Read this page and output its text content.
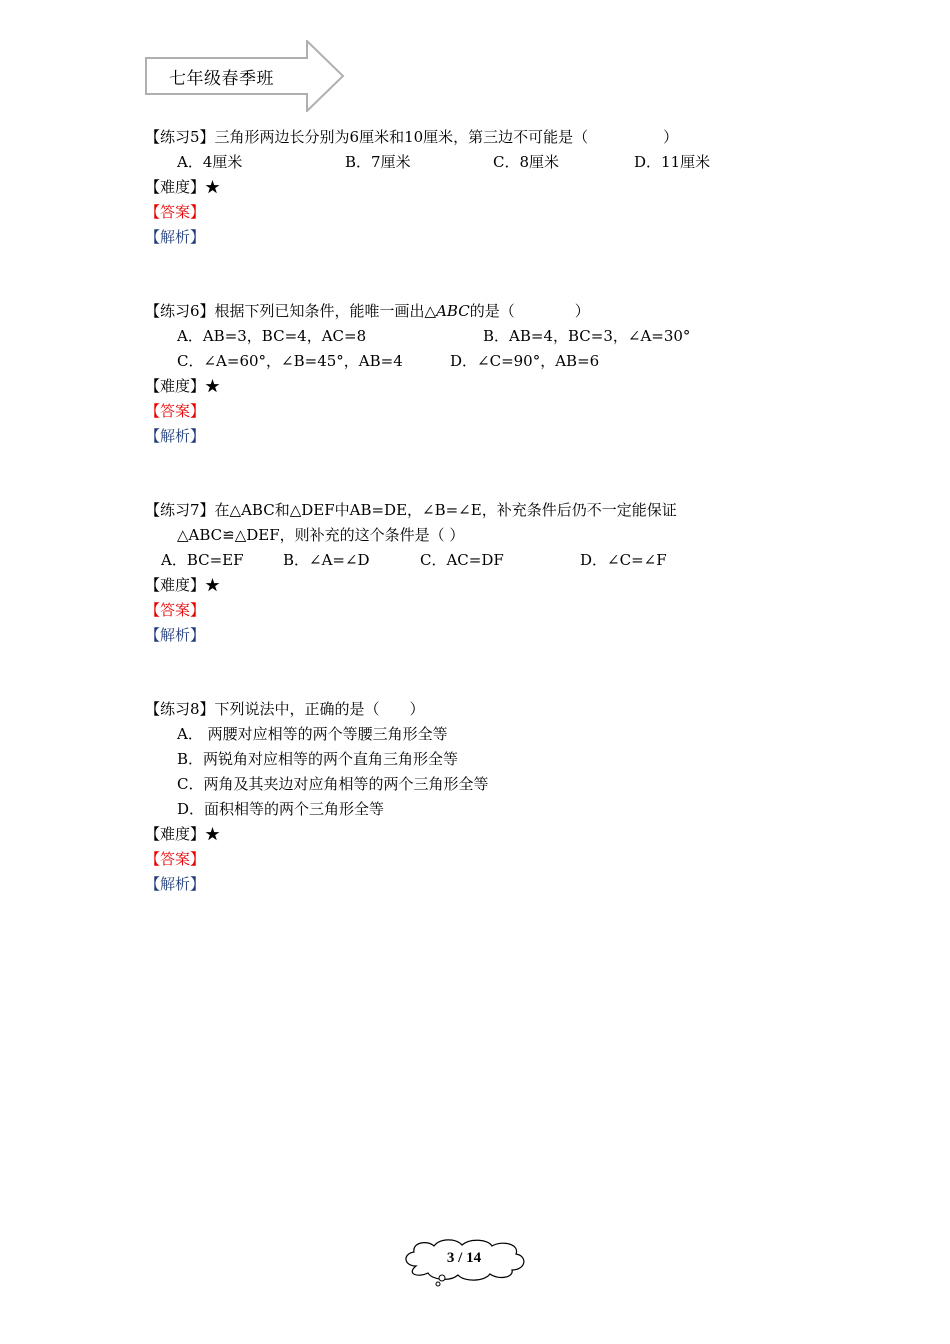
七年级春季班
【练习5】三角形两边长分别为6厘米和10厘米，第三边不可能是（　　　　　）
A．4厘米	B．7厘米	C．8厘米	D．11厘米
【难度】★
【答案】
【解析】
【练习6】根据下列已知条件，能唯一画出△ABC的是（　　　　）
A．AB=3，BC=4，AC=8	B．AB=4，BC=3，∠A=30°
C．∠A=60°，∠B=45°，AB=4	D．∠C=90°，AB=6
【难度】★
【答案】
【解析】
【练习7】在△ABC和△DEF中AB=DE，∠B=∠E，补充条件后仍不一定能保证
△ABC≌△DEF，则补充的这个条件是（ ）
A．BC=EF	B．∠A=∠D	C．AC=DF	D．∠C=∠F
【难度】★
【答案】
【解析】
【练习8】下列说法中，正确的是（　　）
A． 两腰对应相等的两个等腰三角形全等
B．两锐角对应相等的两个直角三角形全等
C．两角及其夹边对应角相等的两个三角形全等
D．面积相等的两个三角形全等
【难度】★
【答案】
【解析】
3 / 14
